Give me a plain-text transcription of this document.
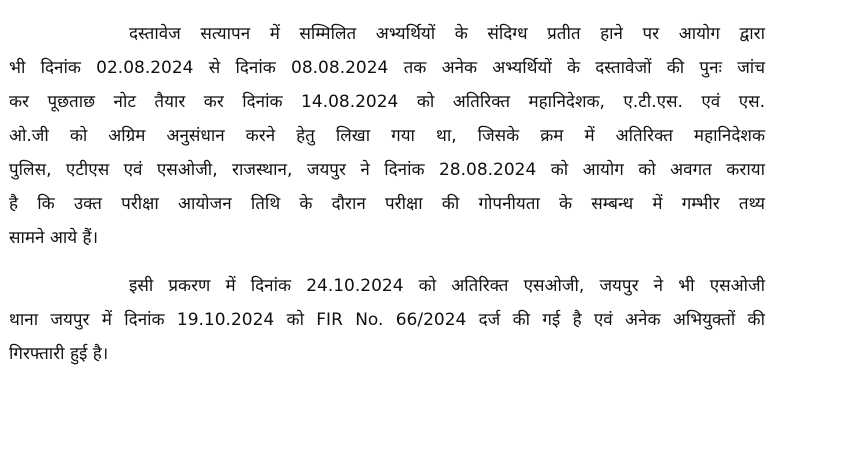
दस्तावेज सत्यापन में सम्मिलित अभ्यर्थियों के संदिग्ध प्रतीत हाने पर आयोग द्वारा
भी दिनांक 02.08.2024 से दिनांक 08.08.2024 तक अनेक अभ्यर्थियों के दस्तावेजों की पुनः जांच
कर पूछताछ नोट तैयार कर दिनांक 14.08.2024 को अतिरिक्त महानिदेशक, ए.टी.एस. एवं एस.
ओ.जी को अग्रिम अनुसंधान करने हेतु लिखा गया था, जिसके क्रम में अतिरिक्त महानिदेशक
पुलिस, एटीएस एवं एसओजी, राजस्थान, जयपुर ने दिनांक 28.08.2024 को आयोग को अवगत कराया
है कि उक्त परीक्षा आयोजन तिथि के दौरान परीक्षा की गोपनीयता के सम्बन्ध में गम्भीर तथ्य
सामने आये हैं।
इसी प्रकरण में दिनांक 24.10.2024 को अतिरिक्त एसओजी, जयपुर ने भी एसओजी
थाना जयपुर में दिनांक 19.10.2024 को FIR No. 66/2024 दर्ज की गई है एवं अनेक अभियुक्तों की
गिरफ्तारी हुई है।
